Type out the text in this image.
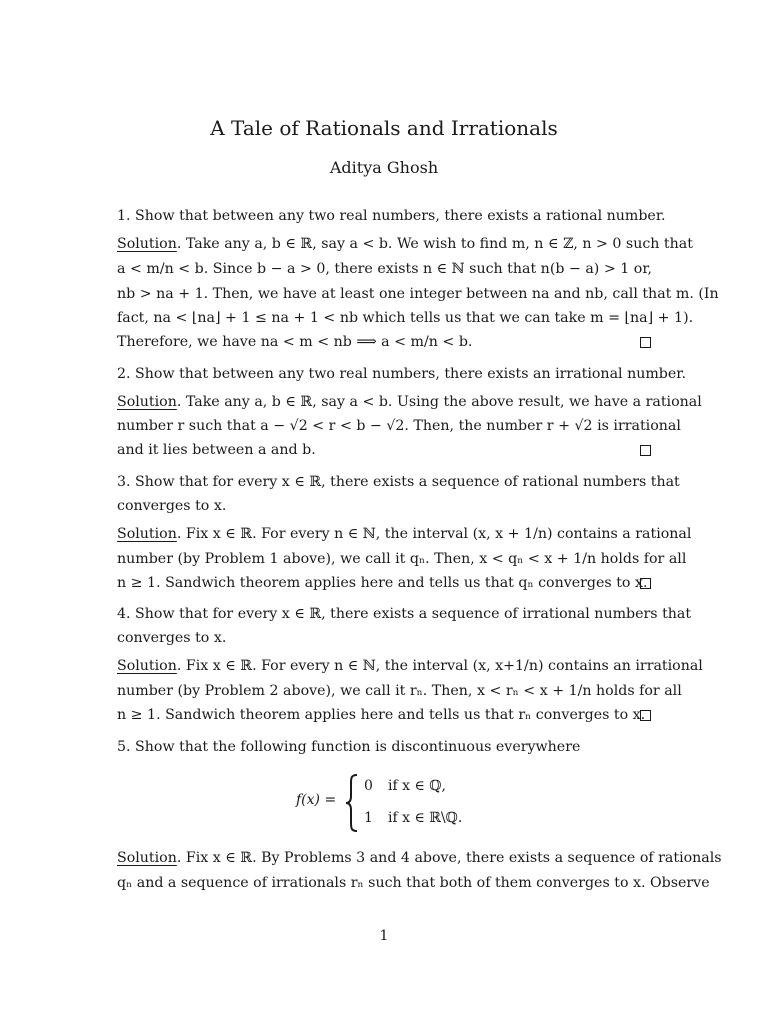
A Tale of Rationals and Irrationals
Aditya Ghosh
1. Show that between any two real numbers, there exists a rational number.
Solution. Take any a, b ∈ ℝ, say a < b. We wish to find m, n ∈ ℤ, n > 0 such that
a < m/n < b. Since b − a > 0, there exists n ∈ ℕ such that n(b − a) > 1 or,
nb > na + 1. Then, we have at least one integer between na and nb, call that m. (In
fact, na < ⌊na⌋ + 1 ≤ na + 1 < nb which tells us that we can take m = ⌊na⌋ + 1).
Therefore, we have na < m < nb ⟹ a < m/n < b.
2. Show that between any two real numbers, there exists an irrational number.
Solution. Take any a, b ∈ ℝ, say a < b. Using the above result, we have a rational
number r such that a − √2 < r < b − √2. Then, the number r + √2 is irrational
and it lies between a and b.
3. Show that for every x ∈ ℝ, there exists a sequence of rational numbers that
converges to x.
Solution. Fix x ∈ ℝ. For every n ∈ ℕ, the interval (x, x + 1/n) contains a rational
number (by Problem 1 above), we call it qₙ. Then, x < qₙ < x + 1/n holds for all
n ≥ 1. Sandwich theorem applies here and tells us that qₙ converges to x.
4. Show that for every x ∈ ℝ, there exists a sequence of irrational numbers that
converges to x.
Solution. Fix x ∈ ℝ. For every n ∈ ℕ, the interval (x, x+1/n) contains an irrational
number (by Problem 2 above), we call it rₙ. Then, x < rₙ < x + 1/n holds for all
n ≥ 1. Sandwich theorem applies here and tells us that rₙ converges to x.
5. Show that the following function is discontinuous everywhere
f(x) =
0 if x ∈ ℚ,
1 if x ∈ ℝ\ℚ.
Solution. Fix x ∈ ℝ. By Problems 3 and 4 above, there exists a sequence of rationals
qₙ and a sequence of irrationals rₙ such that both of them converges to x. Observe
1
